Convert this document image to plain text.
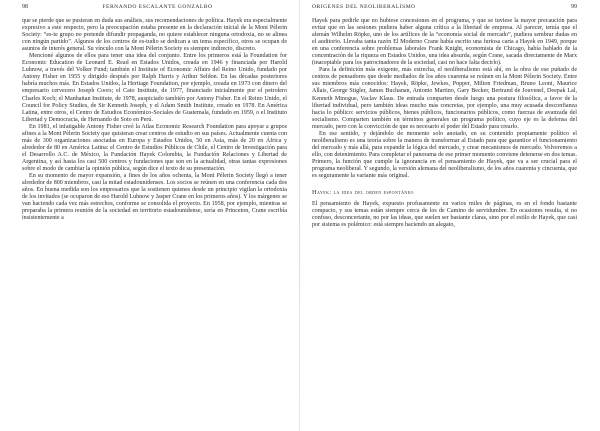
98	FERNANDO ESCALANTE GONZALBO

que se pierde que se pusieran en duda sus análisis, sus recomendaciones de política. Hayek era especialmente expresivo a este respecto, pero la preocupación estaba presente en la declaración inicial de la Mont Pèlerin Society: “es-te grupo no pretende difundir propaganda, no quiere establecer ninguna ortodoxia, no se alinea con ningún partido”. Algunos de los centros de es-tudio se dedican a un tema específico, otros se ocupan de asuntos de interés general. Su vínculo con la Mont Pèlerin Society es siempre indirecto, discreto.

Mencioné algunos de ellos para tener una idea del conjunto. Entre los primeros está la Foundation for Economic Education de Leonard E. Read en Estados Unidos, creada en 1946 y financiada por Harold Luhnow, a través del Volker Fund; también el Institute of Economic Affairs del Reino Unido, fundado por Antony Fisher en 1955 y dirigido después por Ralph Harris y Arthur Seldon. En las décadas posteriores habría muchos más. En Estados Unidos, la Heritage Foundation, por ejemplo, creada en 1973 con dinero del empresario cervecero Joseph Coors; el Cato Institute, de 1977, financiado inicialmente por el petrolero Charles Koch; el Manhattan Institute, de 1978, auspiciado también por Antony Fisher. En el Reino Unido, el Council for Policy Studies, de Sir Kenneth Joseph, y el Adam Smith Institute, creado en 1978. En América Latina, entre otros, el Centro de Estudios Económico-Sociales de Guatemala, fundado en 1959, o el Instituto Libertad y Democracia, de Hernando de Soto en Perú.

En 1981, el infatigable Antony Fisher creó la Atlas Economic Research Foundation para apoyar a grupos afines a la Mont Pèlerin Society que quisieran crear centros de estudio en sus países. Actualmente cuenta con más de 300 organizaciones asociadas en Europa y Estados Unidos, 50 en Asia, más de 20 en África y alrededor de 80 en América Latina: el Centro de Estudios Públicos de Chile, el Centro de Investigación para el Desarrollo A.C. de México, la Fundación Hayek Colombia, la Fundación Relaciones y Libertad de Argentina, y así hasta los casi 500 centros y fundaciones que son en la actualidad, otras tantas expresiones sobre el modo de cambiar la opinión pública, según dice el texto de su presentación.

En su momento de mayor expansión, a fines de los años ochenta, la Mont Pèlerin Society llegó a tener alrededor de 800 miembros, casi la mitad estadounidenses. Los socios se reúnen en una conferencia cada dos años. En buena medida son los empresarios que la sostienen quienes desde un principio vigilan la ortodoxia de los invitados (se ocuparon de eso Harold Luhnow y Jasper Crane en los primeros años). Y los márgenes se van haciendo cada vez más estrechos, conforme se consolida el proyecto. En 1958, por ejemplo, mientras se preparaba la primera reunión de la sociedad en territorio estadounidense, sería en Princeton, Crane escribía insistentemente a

ORÍGENES DEL NEOLIBERALISMO	99

Hayek para pedirle que no hubiese concesiones en el programa, y que se tuviese la mayor precaución para evitar que en las sesiones pudiera haber alguna crítica a la libertad de empresa. Al parecer, temía que el alemán Wilhelm Röpke, uno de los artífices de la “economía social de mercado”, pudiera sembrar dudas en el auditorio. Llevaba tanta razón El Moderno Crane había escrito una furiosa carta a Hayek en 1949, porque en una conferencia sobre problemas laborales Frank Knight, economista de Chicago, había hablado de la concentración de la riqueza en Estados Unidos, una idea absurda, según Crane, sacada directamente de Marx (inaceptable para los patrocinadores de la sociedad, casi no hace falta decirlo).

Para la definición más exigente, más estrecha, el neoliberalismo está ahí, en la obra de ese puñado de centros de pensadores que desde mediados de los años cuarenta se reúnen en la Mont Pèlerin Society. Entre sus miembros más conocidos: Hayek, Röpke, Jewkes, Popper, Milton Friedman, Bruno Leoni, Maurice Allais, George Stigler, James Buchanan, Antonio Martino, Gary Becker, Bertrand de Jouvenel, Deepak Lal, Kenneth Minogue, Vaclav Klaus. De entrada comparten desde luego una postura filosófica, a favor de la libertad individual, pero también ideas mucho más concretas, por ejemplo, una muy acusada desconfianza hacia lo público: servicios públicos, bienes públicos, funcionarios públicos, como fuerzas de avanzada del socialismo. Comparten también en términos generales un programa político, cuyo eje es la defensa del mercado, pero con la convicción de que es necesario el poder del Estado para crearlo.

En ese sentido, y dejándolo de momento solo anotado, en su contenido propiamente político el neoliberalismo es una teoría sobre la manera de transformar al Estado para que garantice el funcionamiento del mercado y más allá, para expandir la lógica del mercado, y crear mecanismos de mercado. Volveremos a ello, con detenimiento. Para completar el panorama de ese primer momento conviene detenerse en dos temas. Primero, la función que cumple la ignorancia en el pensamiento de Hayek, que va a ser crucial para el programa neoliberal. Y segundo, la versión alemana del neoliberalismo, de los años cuarenta y cincuenta, que es seguramente la variante más original.

Hayek: la idea del orden espontáneo

El pensamiento de Hayek, expuesto profusamente en varios miles de páginas, es en el fondo bastante compacto, y sus temas están siempre cerca de los de Camino de servidumbre. En ocasiones resulta, si no confuso, desconcertante, no por las ideas, que suelen ser bastante claras, sino por el estilo de Hayek, que casi por sistema es polémico: está siempre haciendo un alegato,
